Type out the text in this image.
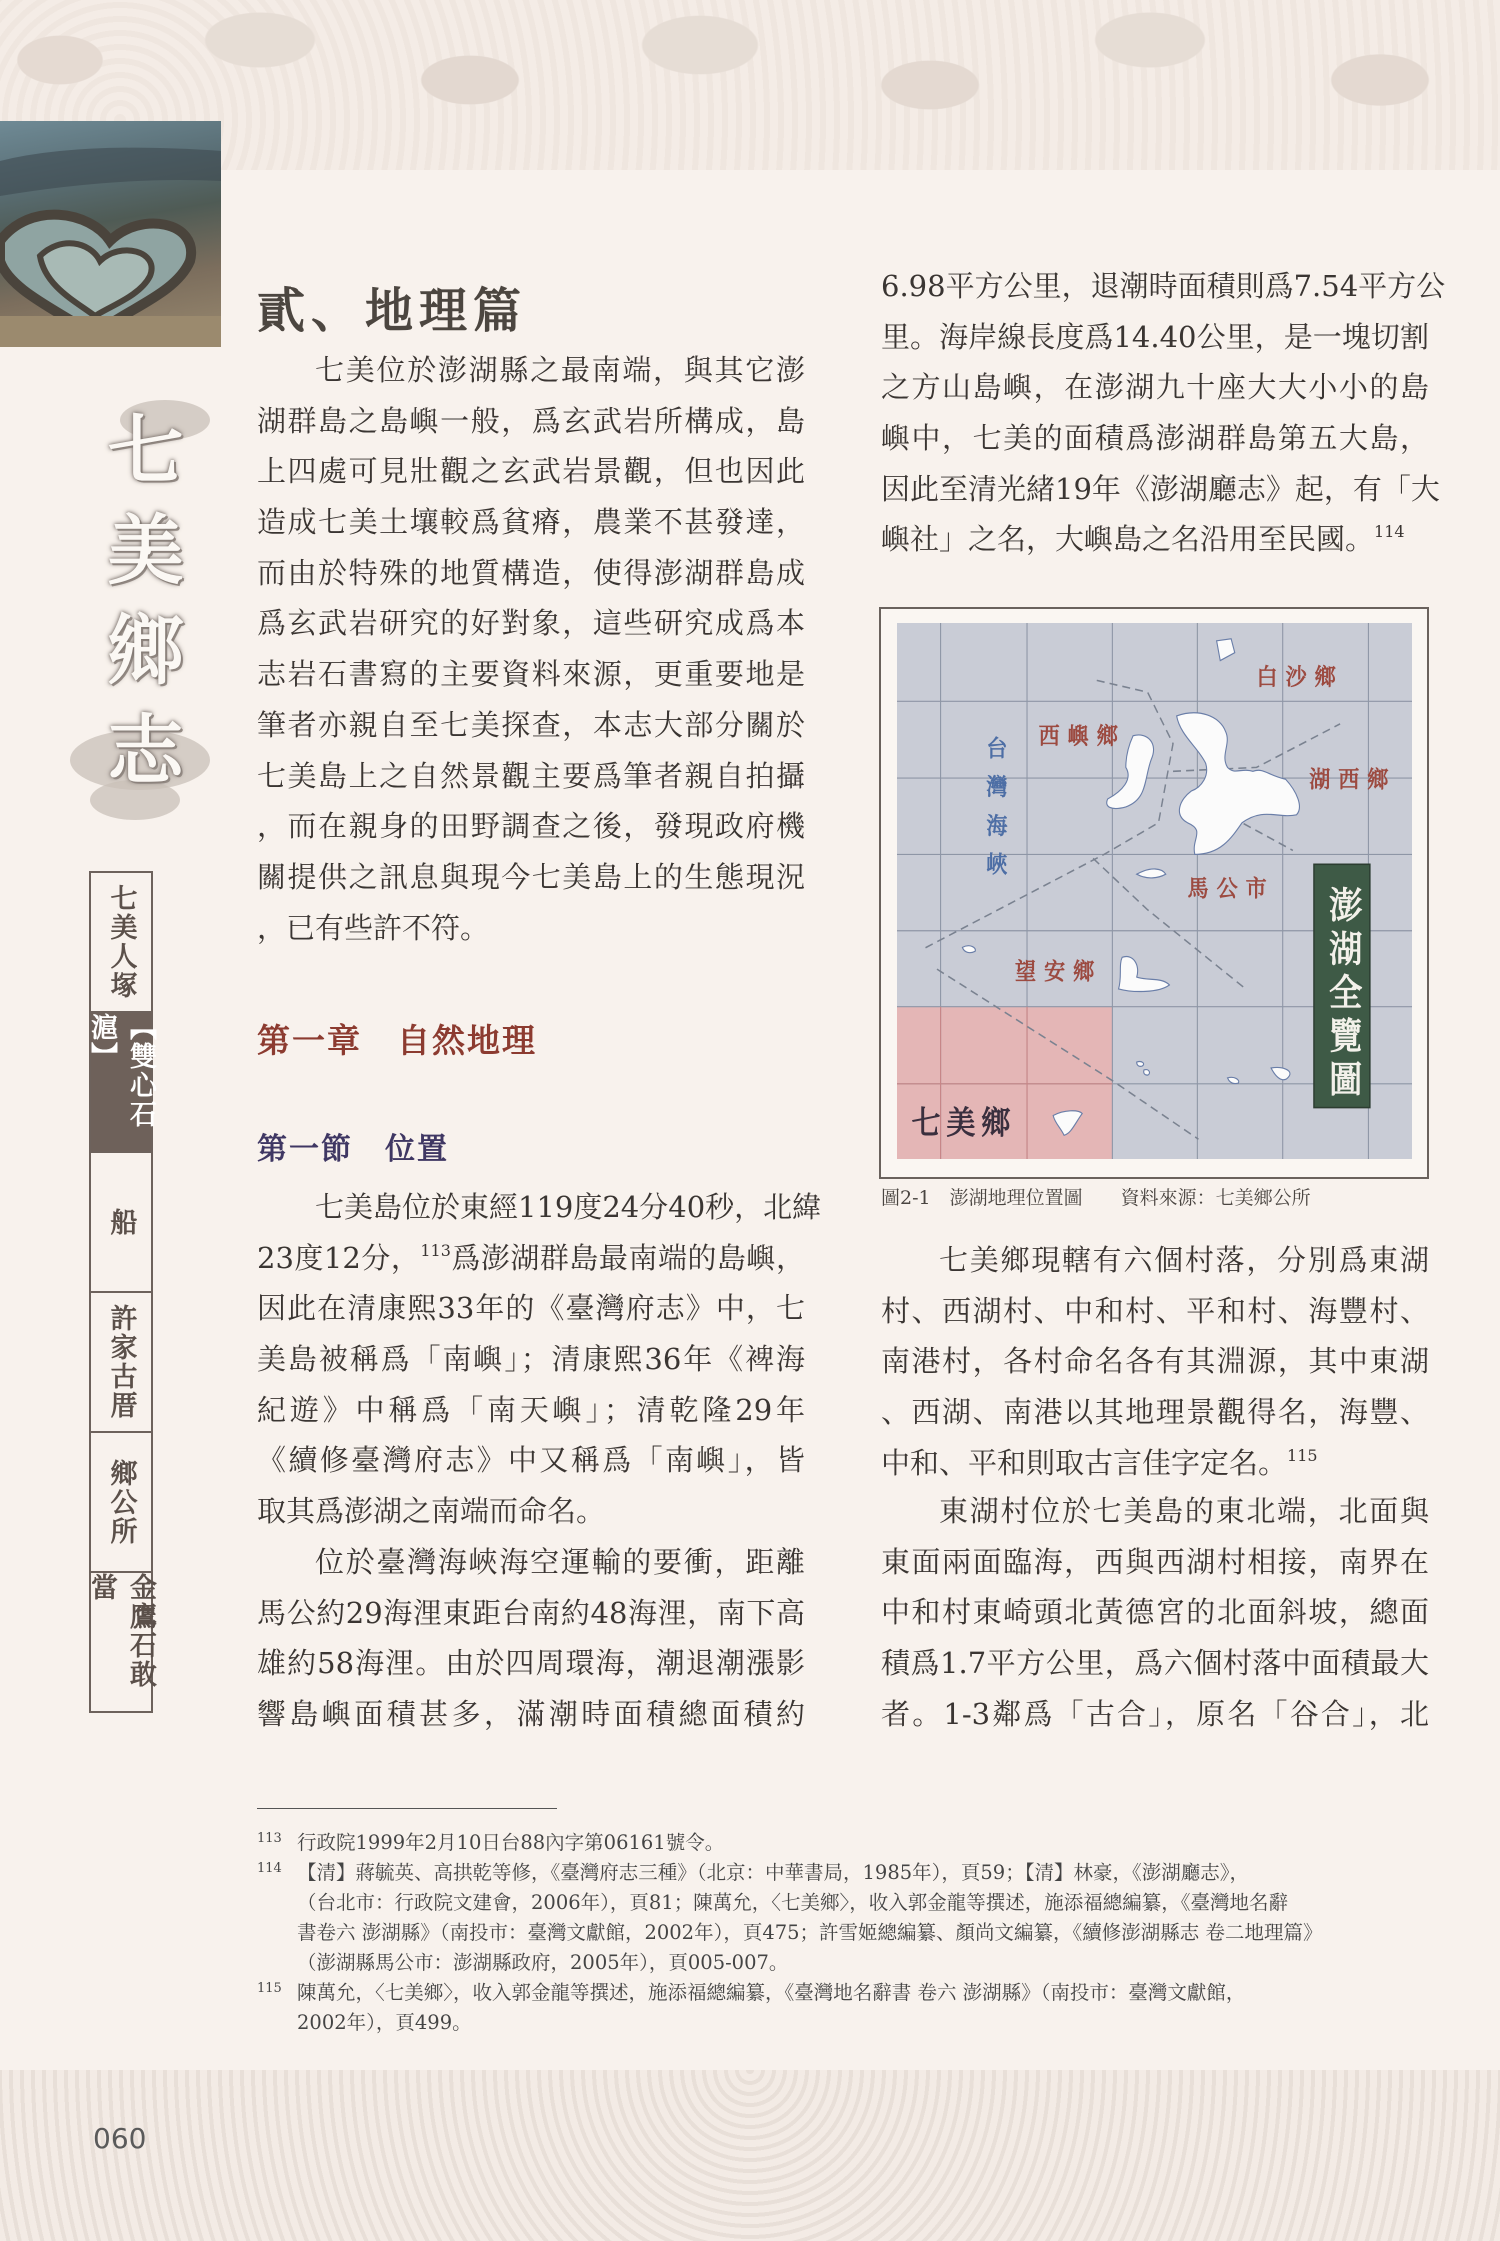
七美鄉志
七美人塚
【雙心石滬】
船
許家古厝
鄉公所
金鷹石敢當
060
貳、地理篇
七美位於澎湖縣之最南端，與其它澎
湖群島之島嶼一般，爲玄武岩所構成，島
上四處可見壯觀之玄武岩景觀，但也因此
造成七美土壤較爲貧瘠，農業不甚發達，
而由於特殊的地質構造，使得澎湖群島成
爲玄武岩研究的好對象，這些研究成爲本
志岩石書寫的主要資料來源，更重要地是
筆者亦親自至七美探查，本志大部分關於
七美島上之自然景觀主要爲筆者親自拍攝
，而在親身的田野調查之後，發現政府機
關提供之訊息與現今七美島上的生態現況
，已有些許不符。
第一章　自然地理
第一節　位置
七美島位於東經119度24分40秒，北緯
23度12分，$^{113}$爲澎湖群島最南端的島嶼，
因此在清康熙33年的《臺灣府志》中，七
美島被稱爲「南嶼」；清康熙36年《裨海
紀遊》中稱爲「南天嶼」；清乾隆29年
《續修臺灣府志》中又稱爲「南嶼」，皆
取其爲澎湖之南端而命名。
位於臺灣海峽海空運輸的要衝，距離
馬公約29海浬東距台南約48海浬，南下高
雄約58海浬。由於四周環海，潮退潮漲影
響島嶼面積甚多，滿潮時面積總面積約
6.98平方公里，退潮時面積則爲7.54平方公
里。海岸線長度爲14.40公里，是一塊切割
之方山島嶼，在澎湖九十座大大小小的島
嶼中，七美的面積爲澎湖群島第五大島，
因此至清光緒19年《澎湖廳志》起，有「大
嶼社」之名，大嶼島之名沿用至民國。$^{114}$
白沙鄉
西嶼鄉
湖西鄉
馬公市
望安鄉
七美鄉
台灣海峽
澎湖全覽圖
圖2-1　澎湖地理位置圖　　資料來源：七美鄉公所
七美鄉現轄有六個村落，分別爲東湖
村、西湖村、中和村、平和村、海豐村、
南港村，各村命名各有其淵源，其中東湖
、西湖、南港以其地理景觀得名，海豐、
中和、平和則取古言佳字定名。$^{115}$
東湖村位於七美島的東北端，北面與
東面兩面臨海，西與西湖村相接，南界在
中和村東崎頭北黃德宮的北面斜坡，總面
積爲1.7平方公里，爲六個村落中面積最大
者。1-3鄰爲「古合」，原名「谷合」，北
113 行政院1999年2月10日台88內字第06161號令。
114 【清】蔣毓英、高拱乾等修，《臺灣府志三種》（北京：中華書局，1985年），頁59；【清】林豪，《澎湖廳志》，
（台北市：行政院文建會，2006年），頁81；陳萬允，〈七美鄉〉，收入郭金龍等撰述，施添福總編纂，《臺灣地名辭
書卷六 澎湖縣》（南投市：臺灣文獻館，2002年），頁475；許雪姬總編纂、顏尚文編纂，《續修澎湖縣志 卷二地理篇》
（澎湖縣馬公市：澎湖縣政府，2005年），頁005-007。
115 陳萬允，〈七美鄉〉，收入郭金龍等撰述，施添福總編纂，《臺灣地名辭書 卷六 澎湖縣》（南投市：臺灣文獻館，
2002年），頁499。
